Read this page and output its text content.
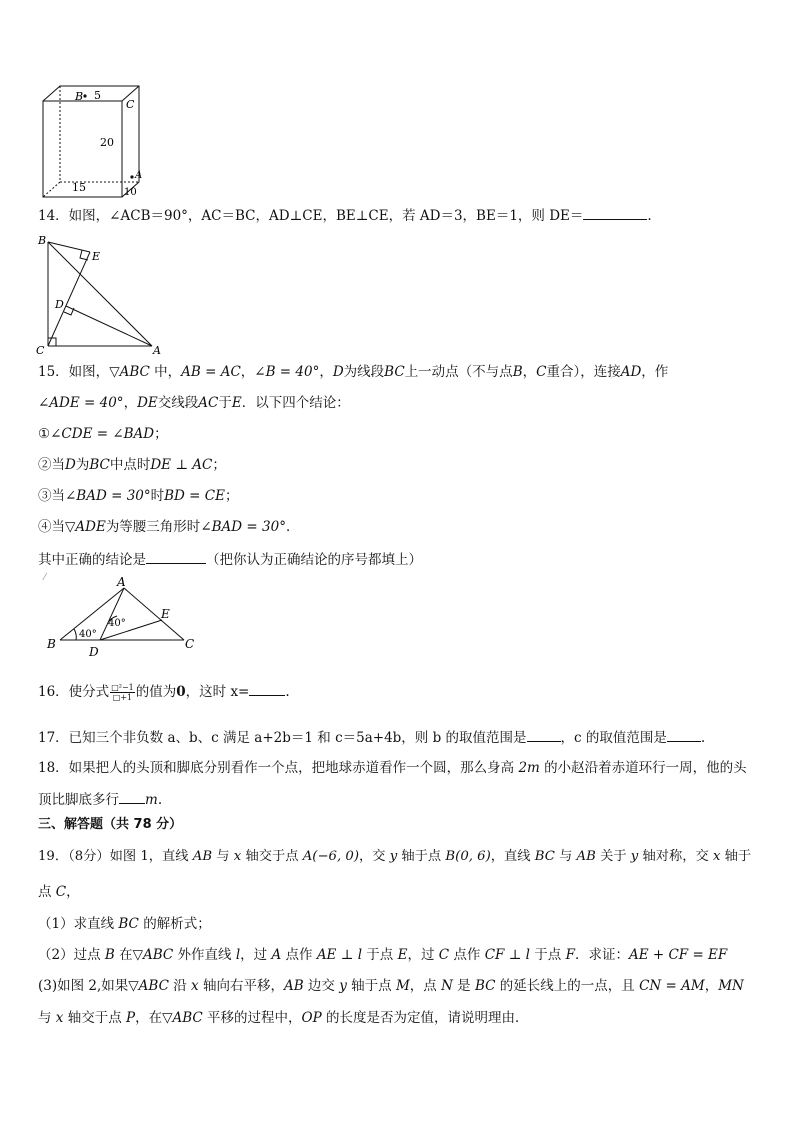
B 5
C
20
15
A
10
14．如图，∠ACB＝90°，AC＝BC，AD⊥CE，BE⊥CE，若 AD＝3，BE＝1，则 DE＝	.
B
E
D
C	A
15．如图，▽ABC 中，AB = AC，∠B = 40°，D为线段BC上一动点（不与点B，C重合），连接AD，作
∠ADE = 40°，DE交线段AC于E．以下四个结论：
①∠CDE = ∠BAD；
②当D为BC中点时DE ⊥ AC；
③当∠BAD = 30°时BD = CE；
④当▽ADE为等腰三角形时∠BAD = 30°．
其中正确的结论是	（把你认为正确结论的序号都填上）
⁄	A
E
B
D
C
40°
40°
16．使分式 $\frac{\text{□²−1}}{□+1}$ 的值为0，这时 x=	.
17．已知三个非负数 a、b、c 满足 a+2b＝1 和 c＝5a+4b，则 b 的取值范围是	，c 的取值范围是	.
18．如果把人的头顶和脚底分别看作一个点，把地球赤道看作一个圆，那么身高 2m 的小赵沿着赤道环行一周，他的头
顶比脚底多行 m.
三、解答题（共 78 分）
19．（8分）如图 1，直线 AB 与 x 轴交于点 A(−6, 0)，交 y 轴于点 B(0, 6)，直线 BC 与 AB 关于 y 轴对称，交 x 轴于
点 C，
（1）求直线 BC 的解析式；
（2）过点 B 在▽ABC 外作直线 l，过 A 点作 AE ⊥ l 于点 E，过 C 点作 CF ⊥ l 于点 F．求证：AE + CF = EF
(3)如图 2,如果▽ABC 沿 x 轴向右平移，AB 边交 y 轴于点 M，点 N 是 BC 的延长线上的一点，且 CN = AM，MN
与 x 轴交于点 P，在▽ABC 平移的过程中，OP 的长度是否为定值，请说明理由．
